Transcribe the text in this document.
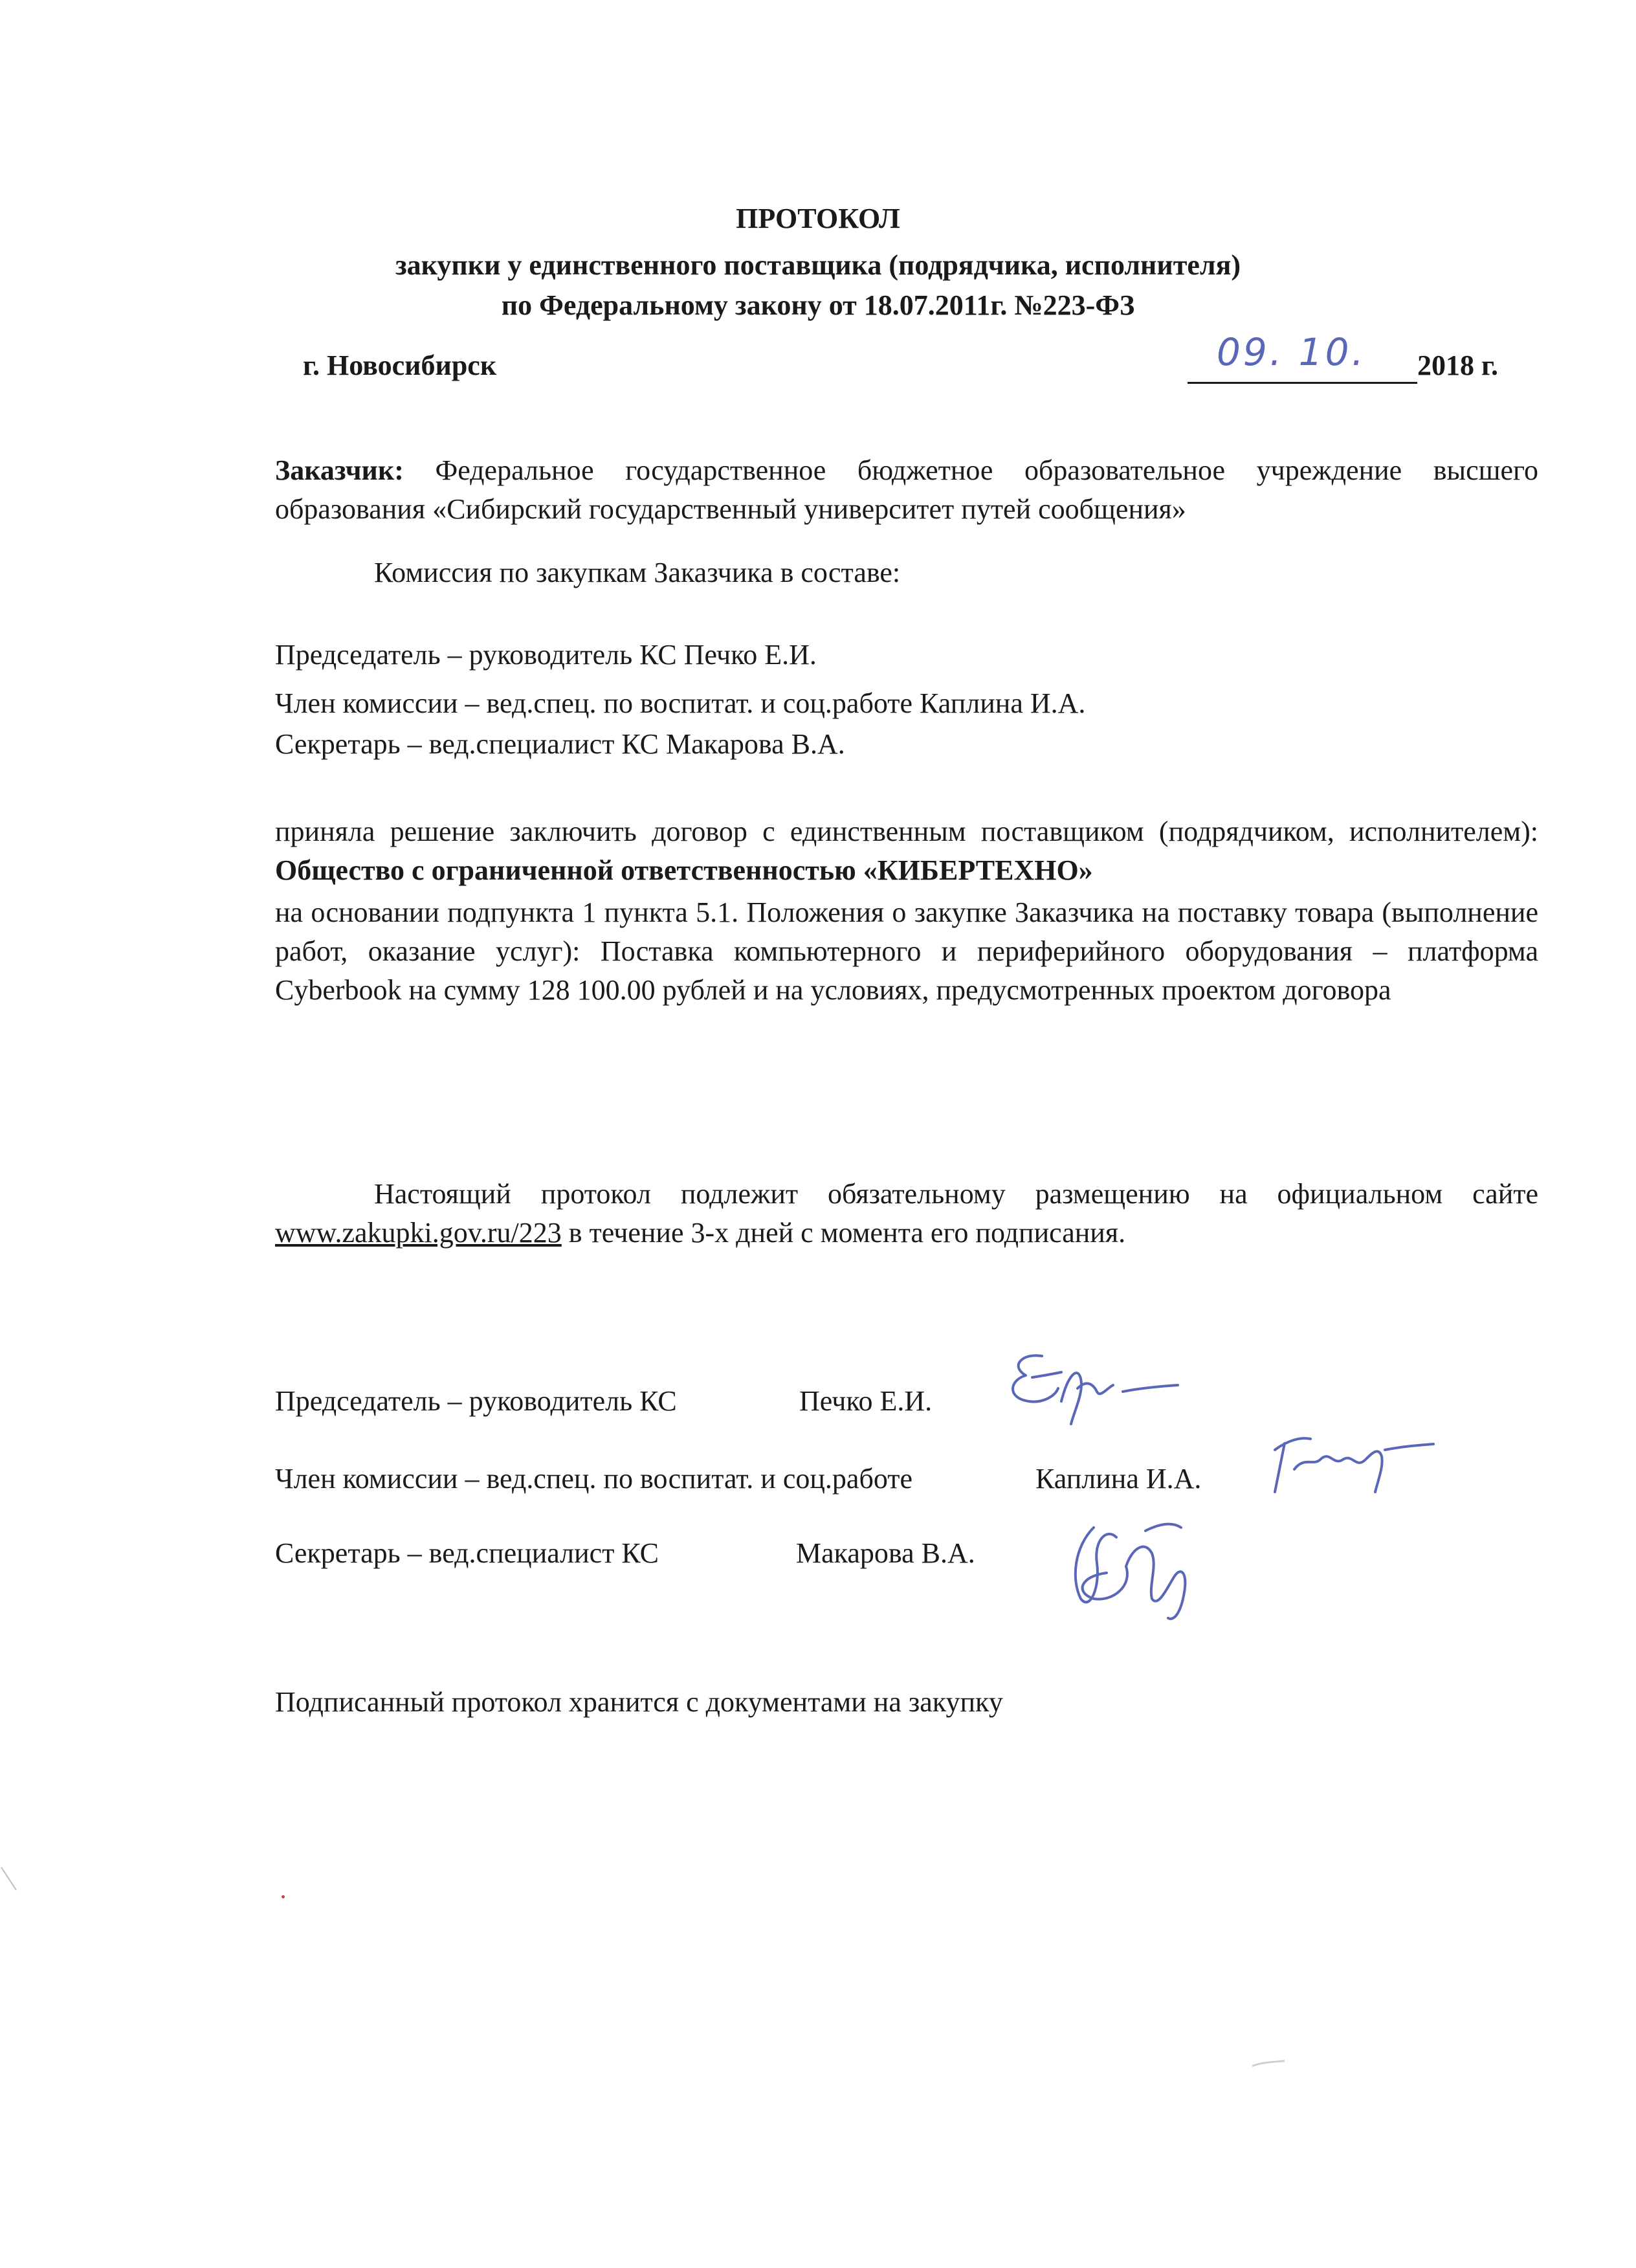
ПРОТОКОЛ
закупки у единственного поставщика (подрядчика, исполнителя)
по Федеральному закону от 18.07.2011г. №223-ФЗ
г. Новосибирск	09. 10. 2018 г.
Заказчик: Федеральное государственное бюджетное образовательное учреждение высшего образования «Сибирский государственный университет путей сообщения»
Комиссия по закупкам Заказчика в составе:
Председатель – руководитель КС Печко Е.И.
Член комиссии – вед.спец. по воспитат. и соц.работе Каплина И.А.
Секретарь – вед.специалист КС Макарова В.А.
приняла решение заключить договор с единственным поставщиком (подрядчиком, исполнителем): Общество с ограниченной ответственностью «КИБЕРТЕХНО»
на основании подпункта 1 пункта 5.1. Положения о закупке Заказчика на поставку товара (выполнение работ, оказание услуг): Поставка компьютерного и периферийного оборудования – платформа Cyberbook на сумму 128 100.00 рублей и на условиях, предусмотренных проектом договора
Настоящий протокол подлежит обязательному размещению на официальном сайте www.zakupki.gov.ru/223 в течение 3-х дней с момента его подписания.
Председатель – руководитель КС	Печко Е.И.
Член комиссии – вед.спец. по воспитат. и соц.работе	Каплина И.А.
Секретарь – вед.специалист КС	Макарова В.А.
Подписанный протокол хранится с документами на закупку
